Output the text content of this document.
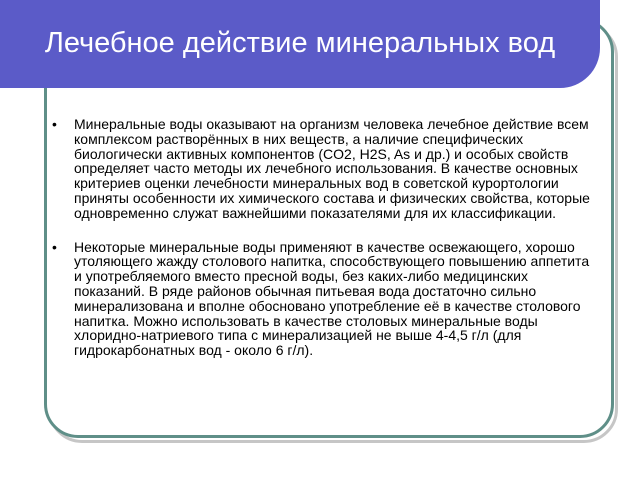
Лечебное действие минеральных вод
• Минеральные воды оказывают на организм человека лечебное действие всем комплексом растворённых в них веществ, а наличие специфических биологически активных компонентов (CO2, H2S, As и др.) и особых свойств определяет часто методы их лечебного использования. В качестве основных критериев оценки лечебности минеральных вод в советской курортологии приняты особенности их химического состава и физических свойства, которые одновременно служат важнейшими показателями для их классификации.
• Некоторые минеральные воды применяют в качестве освежающего, хорошо утоляющего жажду столового напитка, способствующего повышению аппетита и употребляемого вместо пресной воды, без каких-либо медицинских показаний. В ряде районов обычная питьевая вода достаточно сильно минерализована и вполне обосновано употребление её в качестве столового напитка. Можно использовать в качестве столовых минеральные воды хлоридно-натриевого типа с минерализацией не выше 4-4,5 г/л (для гидрокарбонатных вод - около 6 г/л).
